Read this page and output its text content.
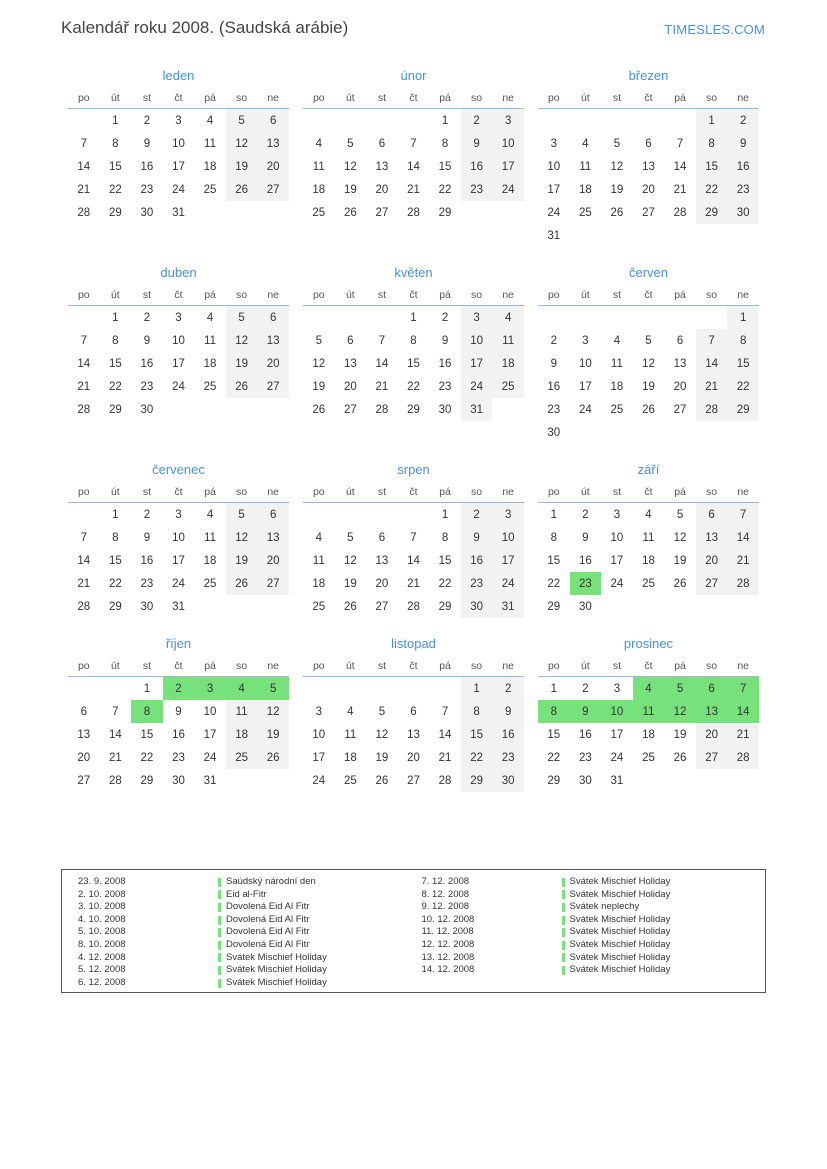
Kalendář roku 2008. (Saudská arábie)	TIMESLES.COM
leden
po	út	st	čt	pá	so	ne
	1	2	3	4	5	6
7	8	9	10	11	12	13
14	15	16	17	18	19	20
21	22	23	24	25	26	27
28	29	30	31			
únor
po	út	st	čt	pá	so	ne
				1	2	3
4	5	6	7	8	9	10
11	12	13	14	15	16	17
18	19	20	21	22	23	24
25	26	27	28	29		
březen
po	út	st	čt	pá	so	ne
					1	2
3	4	5	6	7	8	9
10	11	12	13	14	15	16
17	18	19	20	21	22	23
24	25	26	27	28	29	30
31						
duben
po	út	st	čt	pá	so	ne
	1	2	3	4	5	6
7	8	9	10	11	12	13
14	15	16	17	18	19	20
21	22	23	24	25	26	27
28	29	30				
květen
po	út	st	čt	pá	so	ne
			1	2	3	4
5	6	7	8	9	10	11
12	13	14	15	16	17	18
19	20	21	22	23	24	25
26	27	28	29	30	31	
červen
po	út	st	čt	pá	so	ne
						1
2	3	4	5	6	7	8
9	10	11	12	13	14	15
16	17	18	19	20	21	22
23	24	25	26	27	28	29
30						
červenec
po	út	st	čt	pá	so	ne
	1	2	3	4	5	6
7	8	9	10	11	12	13
14	15	16	17	18	19	20
21	22	23	24	25	26	27
28	29	30	31			
srpen
po	út	st	čt	pá	so	ne
				1	2	3
4	5	6	7	8	9	10
11	12	13	14	15	16	17
18	19	20	21	22	23	24
25	26	27	28	29	30	31
září
po	út	st	čt	pá	so	ne
1	2	3	4	5	6	7
8	9	10	11	12	13	14
15	16	17	18	19	20	21
22	23	24	25	26	27	28
29	30					
říjen
po	út	st	čt	pá	so	ne
		1	2	3	4	5
6	7	8	9	10	11	12
13	14	15	16	17	18	19
20	21	22	23	24	25	26
27	28	29	30	31		
listopad
po	út	st	čt	pá	so	ne
					1	2
3	4	5	6	7	8	9
10	11	12	13	14	15	16
17	18	19	20	21	22	23
24	25	26	27	28	29	30
prosinec
po	út	st	čt	pá	so	ne
1	2	3	4	5	6	7
8	9	10	11	12	13	14
15	16	17	18	19	20	21
22	23	24	25	26	27	28
29	30	31				
23. 9. 2008	Saúdský národní den
2. 10. 2008	Eid al-Fitr
3. 10. 2008	Dovolená Eid Al Fitr
4. 10. 2008	Dovolená Eid Al Fitr
5. 10. 2008	Dovolená Eid Al Fitr
8. 10. 2008	Dovolená Eid Al Fitr
4. 12. 2008	Svátek Mischief Holiday
5. 12. 2008	Svátek Mischief Holiday
6. 12. 2008	Svátek Mischief Holiday
7. 12. 2008	Svátek Mischief Holiday
8. 12. 2008	Svátek Mischief Holiday
9. 12. 2008	Svátek neplechy
10. 12. 2008	Svátek Mischief Holiday
11. 12. 2008	Svátek Mischief Holiday
12. 12. 2008	Svátek Mischief Holiday
13. 12. 2008	Svátek Mischief Holiday
14. 12. 2008	Svátek Mischief Holiday
